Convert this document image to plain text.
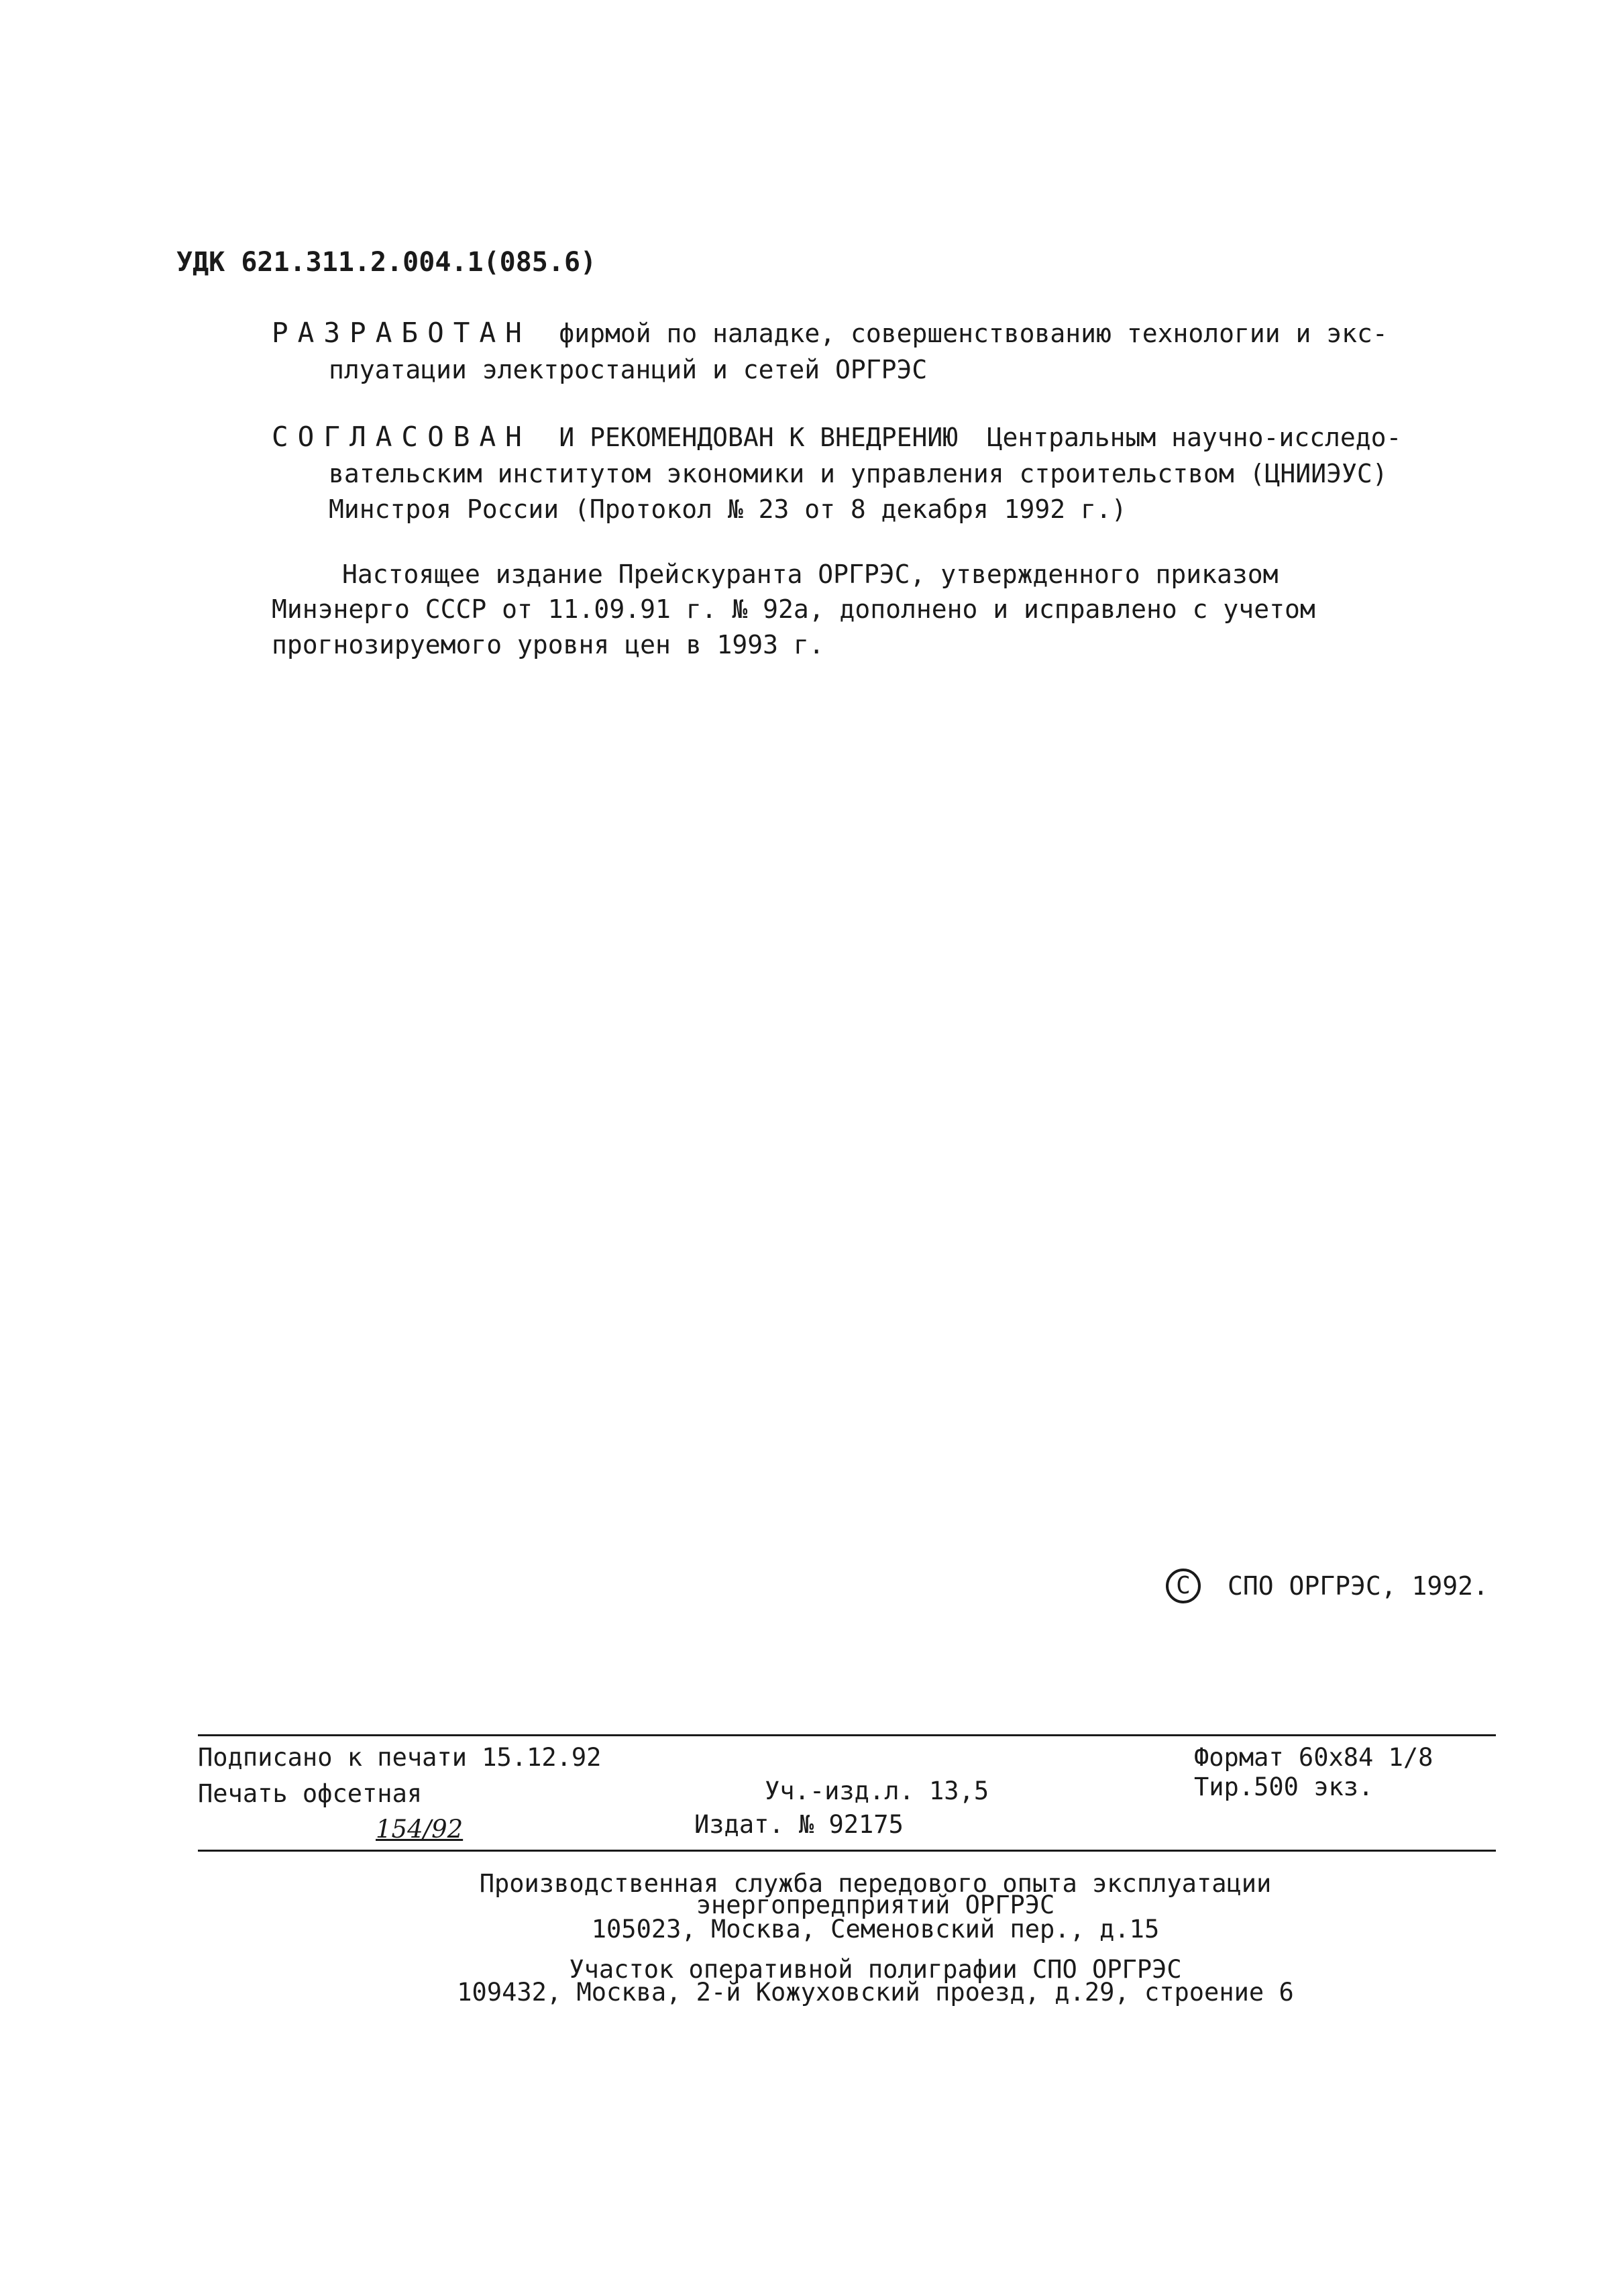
УДК 621.311.2.004.1(085.6)
РАЗРАБОТАН фирмой по наладке, совершенствованию технологии и экс-
плуатации электростанций и сетей ОРГРЭС
СОГЛАСОВАН И РЕКОМЕНДОВАН К ВНЕДРЕНИЮ Центральным научно-исследо-
вательским институтом экономики и управления строительством (ЦНИИЭУС)
Минстроя России (Протокол № 23 от 8 декабря 1992 г.)
Настоящее издание Прейскуранта ОРГРЭС, утвержденного приказом
Минэнерго СССР от 11.09.91 г. № 92а, дополнено и исправлено с учетом
прогнозируемого уровня цен в 1993 г.
C	СПО ОРГРЭС, 1992.
Подписано к печати 15.12.92	Формат 60х84 1/8
Печать офсетная	Уч.-изд.л. 13,5	Тир.500 экз.
154/92	Издат. № 92175
Производственная служба передового опыта эксплуатации
энергопредприятий ОРГРЭС
105023, Москва, Семеновский пер., д.15
Участок оперативной полиграфии СПО ОРГРЭС
109432, Москва, 2-й Кожуховский проезд, д.29, строение 6
